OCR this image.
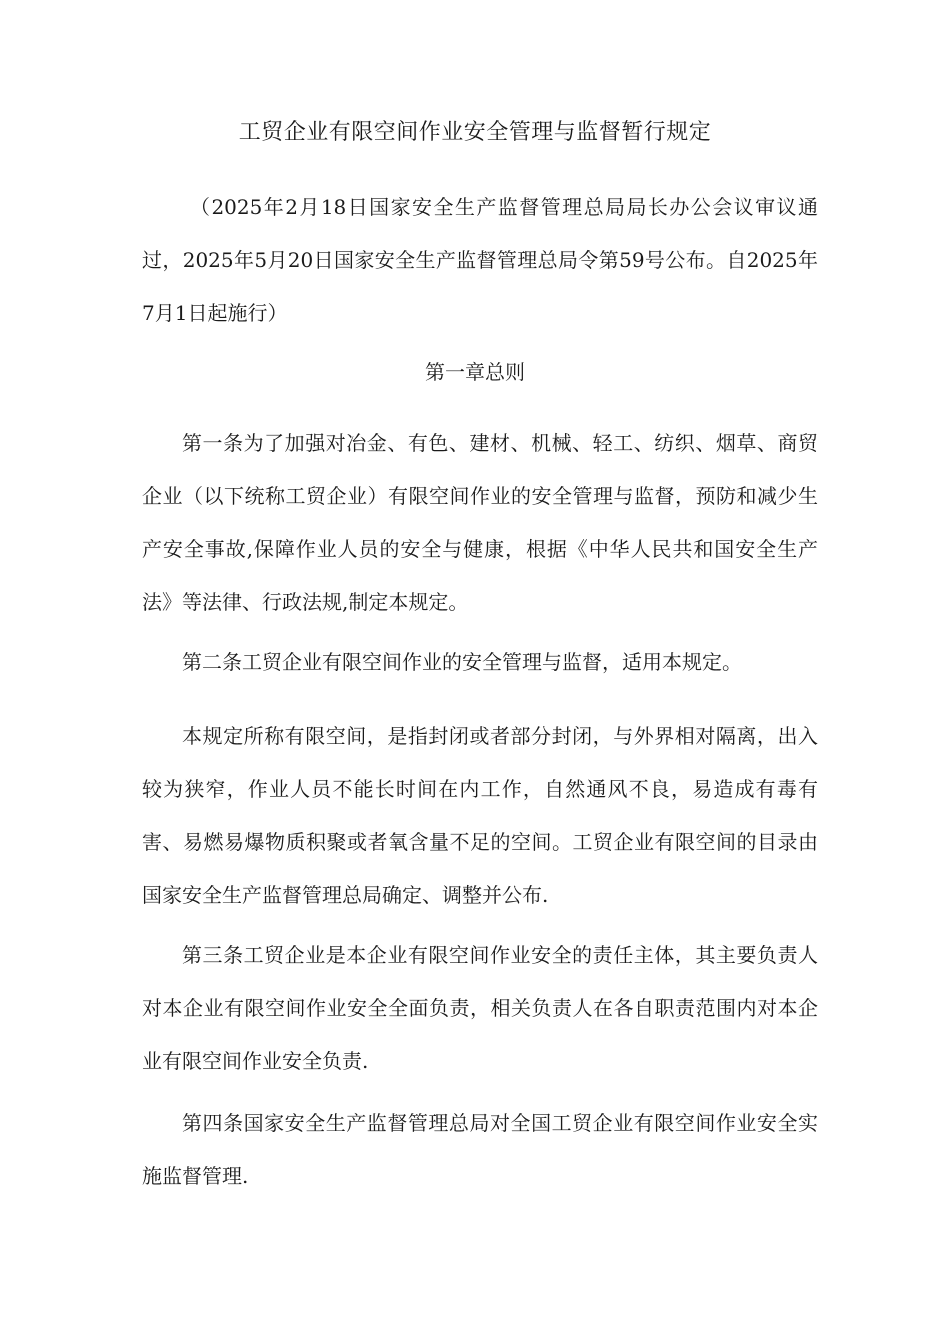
工贸企业有限空间作业安全管理与监督暂行规定
（2025年2月18日国家安全生产监督管理总局局长办公会议审议通过，2025年5月20日国家安全生产监督管理总局令第59号公布。自2025年7月1日起施行）
第一章总则
第一条为了加强对冶金、有色、建材、机械、轻工、纺织、烟草、商贸企业（以下统称工贸企业）有限空间作业的安全管理与监督，预防和减少生产安全事故,保障作业人员的安全与健康，根据《中华人民共和国安全生产法》等法律、行政法规,制定本规定。
第二条工贸企业有限空间作业的安全管理与监督，适用本规定。
本规定所称有限空间，是指封闭或者部分封闭，与外界相对隔离，出入较为狭窄，作业人员不能长时间在内工作，自然通风不良，易造成有毒有害、易燃易爆物质积聚或者氧含量不足的空间。工贸企业有限空间的目录由国家安全生产监督管理总局确定、调整并公布.
第三条工贸企业是本企业有限空间作业安全的责任主体，其主要负责人对本企业有限空间作业安全全面负责，相关负责人在各自职责范围内对本企业有限空间作业安全负责.
第四条国家安全生产监督管理总局对全国工贸企业有限空间作业安全实施监督管理.
